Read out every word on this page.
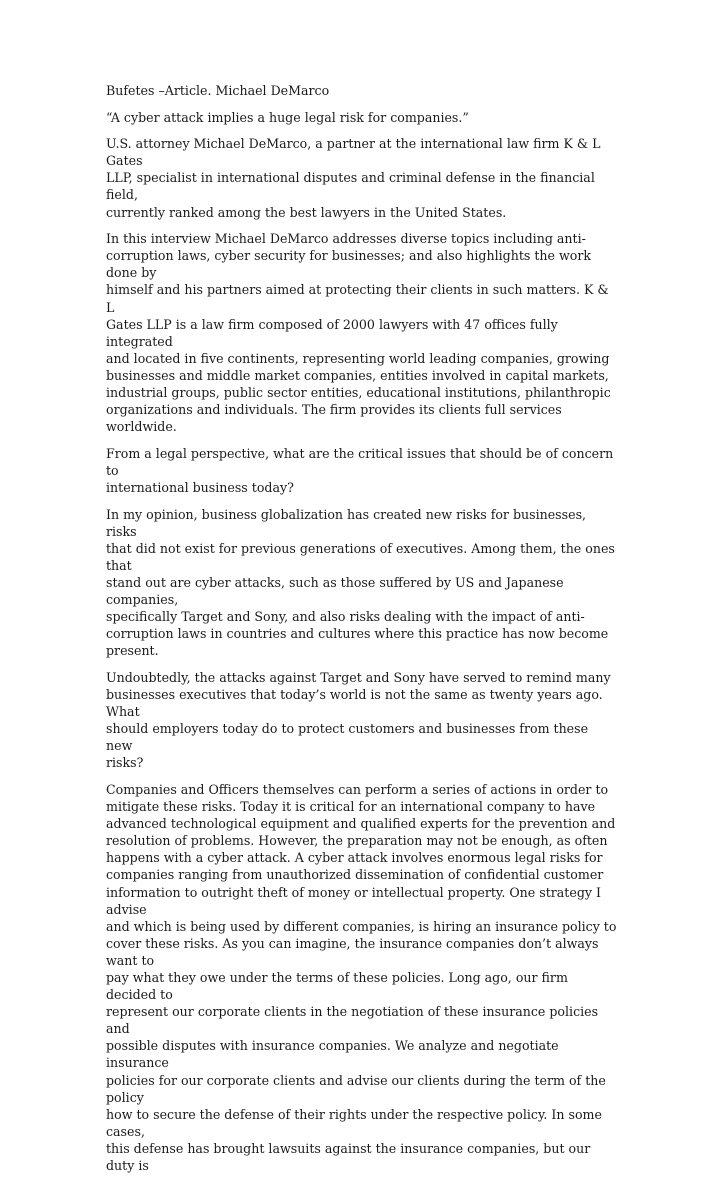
Bufetes –Article. Michael DeMarco

“A cyber attack implies a huge legal risk for companies.”

U.S. attorney Michael DeMarco, a partner at the international law firm K & L Gates
LLP, specialist in international disputes and criminal defense in the financial field,
currently ranked among the best lawyers in the United States.

In this interview Michael DeMarco addresses diverse topics including anti-
corruption laws, cyber security for businesses; and also highlights the work done by
himself and his partners aimed at protecting their clients in such matters. K & L
Gates LLP is a law firm composed of 2000 lawyers with 47 offices fully integrated
and located in five continents, representing world leading companies, growing
businesses and middle market companies, entities involved in capital markets,
industrial groups, public sector entities, educational institutions, philanthropic
organizations and individuals. The firm provides its clients full services worldwide.

From a legal perspective, what are the critical issues that should be of concern to
international business today?

In my opinion, business globalization has created new risks for businesses, risks
that did not exist for previous generations of executives. Among them, the ones that
stand out are cyber attacks, such as those suffered by US and Japanese companies,
specifically Target and Sony, and also risks dealing with the impact of anti-
corruption laws in countries and cultures where this practice has now become
present.

Undoubtedly, the attacks against Target and Sony have served to remind many
businesses executives that today’s world is not the same as twenty years ago. What
should employers today do to protect customers and businesses from these new
risks?

Companies and Officers themselves can perform a series of actions in order to
mitigate these risks. Today it is critical for an international company to have
advanced technological equipment and qualified experts for the prevention and
resolution of problems. However, the preparation may not be enough, as often
happens with a cyber attack. A cyber attack involves enormous legal risks for
companies ranging from unauthorized dissemination of confidential customer
information to outright theft of money or intellectual property. One strategy I advise
and which is being used by different companies, is hiring an insurance policy to
cover these risks. As you can imagine, the insurance companies don’t always want to
pay what they owe under the terms of these policies. Long ago, our firm decided to
represent our corporate clients in the negotiation of these insurance policies and
possible disputes with insurance companies. We analyze and negotiate insurance
policies for our corporate clients and advise our clients during the term of the policy
how to secure the defense of their rights under the respective policy. In some cases,
this defense has brought lawsuits against the insurance companies, but our duty is
